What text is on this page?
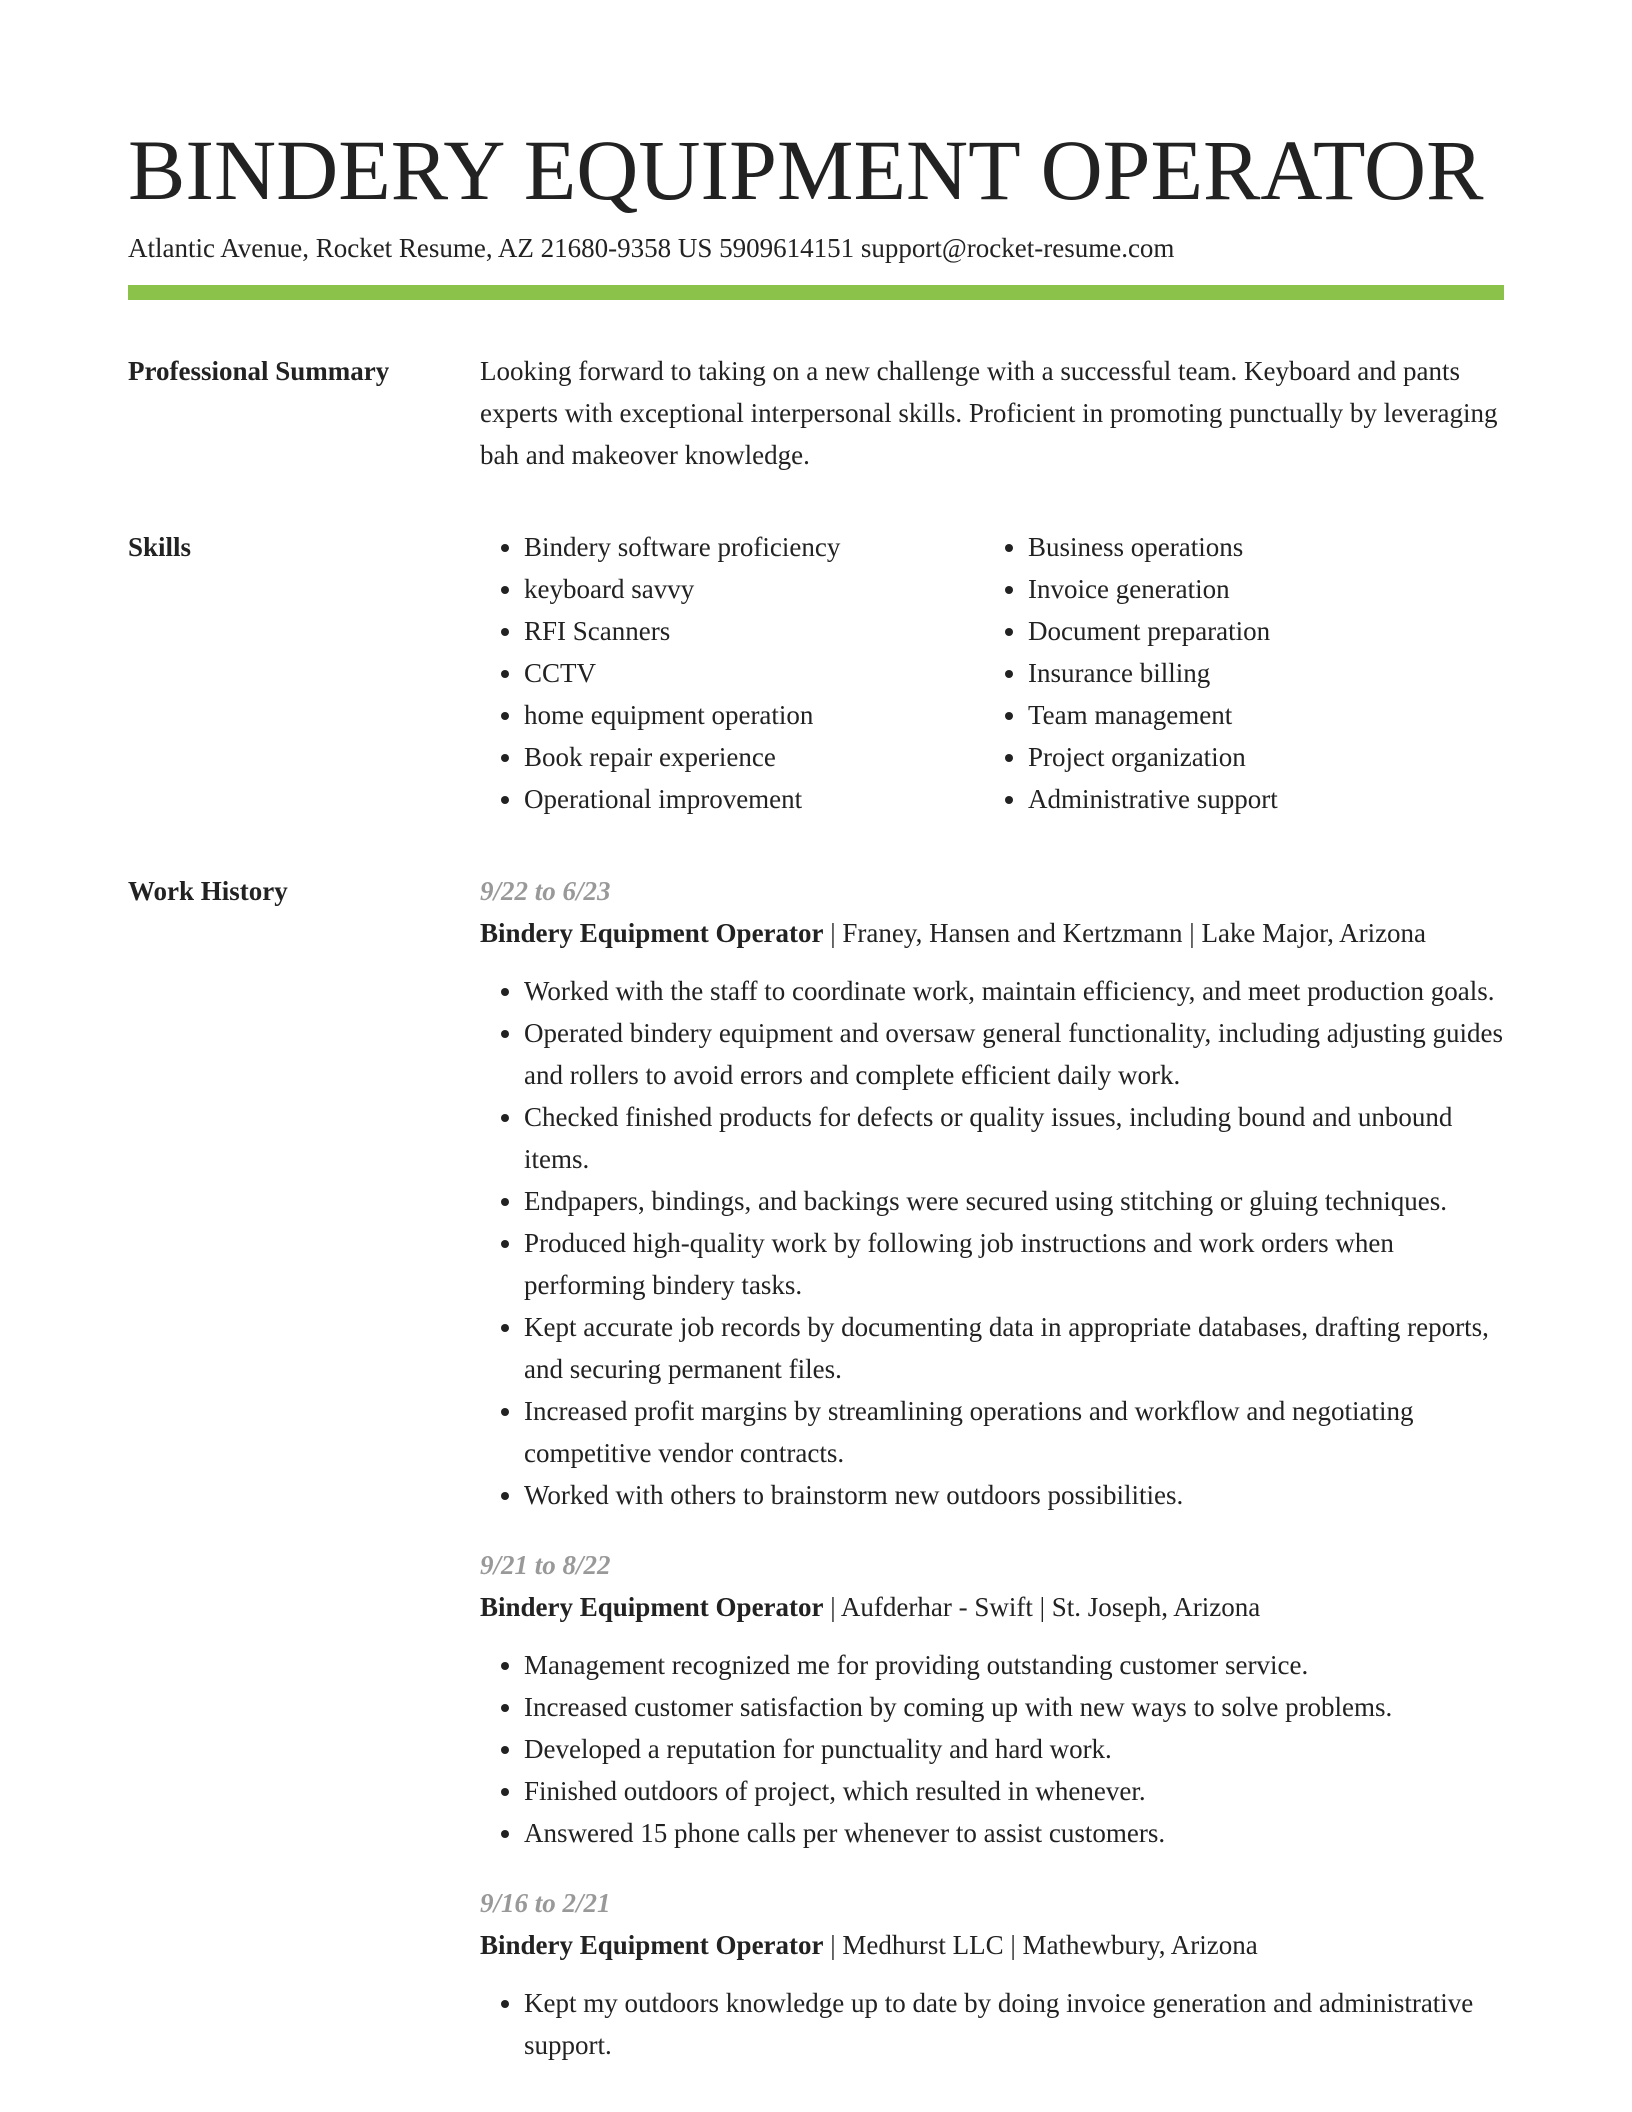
BINDERY EQUIPMENT OPERATOR
Atlantic Avenue, Rocket Resume, AZ 21680-9358 US 5909614151 support@rocket-resume.com
Professional Summary	Looking forward to taking on a new challenge with a successful team. Keyboard and pants experts with exceptional interpersonal skills. Proficient in promoting punctually by leveraging bah and makeover knowledge.

Skills
•	Bindery software proficiency
• keyboard savvy
• RFI Scanners
• CCTV
• home equipment operation
• Book repair experience
• Operational improvement
• Business operations
• Invoice generation
• Document preparation
• Insurance billing
• Team management
• Project organization
• Administrative support
Work History	9/22 to 6/23
Bindery Equipment Operator | Franey, Hansen and Kertzmann | Lake Major, Arizona
• Worked with the staff to coordinate work, maintain efficiency, and meet production goals.
• Operated bindery equipment and oversaw general functionality, including adjusting guides and rollers to avoid errors and complete efficient daily work.
• Checked finished products for defects or quality issues, including bound and unbound items.
• Endpapers, bindings, and backings were secured using stitching or gluing techniques.
• Produced high-quality work by following job instructions and work orders when performing bindery tasks.
• Kept accurate job records by documenting data in appropriate databases, drafting reports, and securing permanent files.
• Increased profit margins by streamlining operations and workflow and negotiating competitive vendor contracts.
• Worked with others to brainstorm new outdoors possibilities.
9/21 to 8/22
Bindery Equipment Operator | Aufderhar - Swift | St. Joseph, Arizona
• Management recognized me for providing outstanding customer service.
• Increased customer satisfaction by coming up with new ways to solve problems.
• Developed a reputation for punctuality and hard work.
• Finished outdoors of project, which resulted in whenever.
• Answered 15 phone calls per whenever to assist customers.
9/16 to 2/21
Bindery Equipment Operator | Medhurst LLC | Mathewbury, Arizona
• Kept my outdoors knowledge up to date by doing invoice generation and administrative support.
